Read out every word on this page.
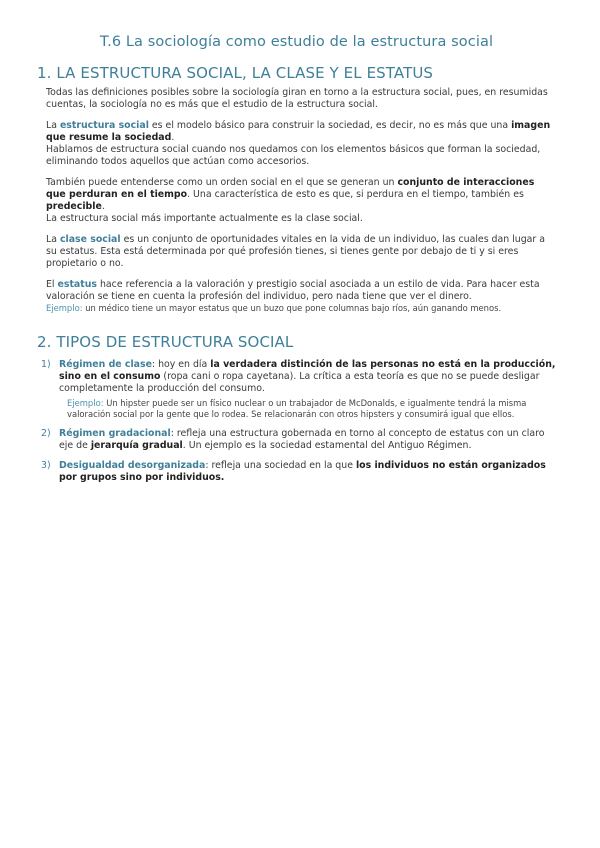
T.6 La sociología como estudio de la estructura social
1. LA ESTRUCTURA SOCIAL, LA CLASE Y EL ESTATUS

Todas las definiciones posibles sobre la sociología giran en torno a la estructura social, pues, en resumidas cuentas, la sociología no es más que el estudio de la estructura social.

La estructura social es el modelo básico para construir la sociedad, es decir, no es más que una imagen que resume la sociedad.
Hablamos de estructura social cuando nos quedamos con los elementos básicos que forman la sociedad, eliminando todos aquellos que actúan como accesorios.

También puede entenderse como un orden social en el que se generan un conjunto de interacciones que perduran en el tiempo. Una característica de esto es que, si perdura en el tiempo, también es predecible.
La estructura social más importante actualmente es la clase social.

La clase social es un conjunto de oportunidades vitales en la vida de un individuo, las cuales dan lugar a su estatus. Esta está determinada por qué profesión tienes, si tienes gente por debajo de ti y si eres propietario o no.

El estatus hace referencia a la valoración y prestigio social asociada a un estilo de vida. Para hacer esta valoración se tiene en cuenta la profesión del individuo, pero nada tiene que ver el dinero.
Ejemplo: un médico tiene un mayor estatus que un buzo que pone columnas bajo ríos, aún ganando menos.

2. TIPOS DE ESTRUCTURA SOCIAL
1) Régimen de clase: hoy en día la verdadera distinción de las personas no está en la producción, sino en el consumo (ropa cani o ropa cayetana). La crítica a esta teoría es que no se puede desligar completamente la producción del consumo.
Ejemplo: Un hipster puede ser un físico nuclear o un trabajador de McDonalds, e igualmente tendrá la misma valoración social por la gente que lo rodea. Se relacionarán con otros hipsters y consumirá igual que ellos.
2) Régimen gradacional: refleja una estructura gobernada en torno al concepto de estatus con un claro eje de jerarquía gradual. Un ejemplo es la sociedad estamental del Antiguo Régimen.
3) Desigualdad desorganizada: refleja una sociedad en la que los individuos no están organizados por grupos sino por individuos.
